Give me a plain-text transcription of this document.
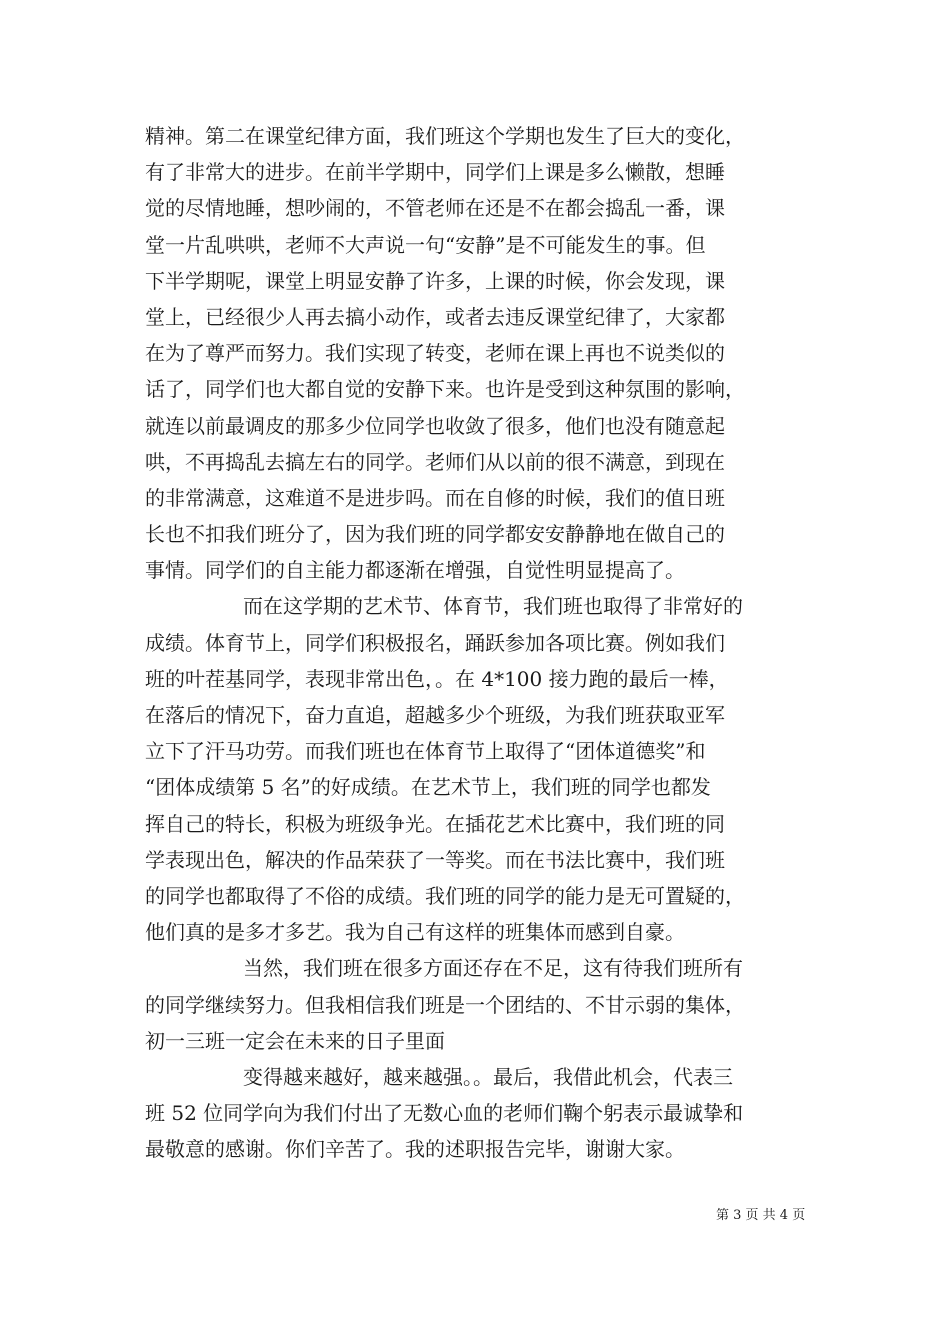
精神。第二在课堂纪律方面，我们班这个学期也发生了巨大的变化，
有了非常大的进步。在前半学期中，同学们上课是多么懒散，想睡
觉的尽情地睡，想吵闹的，不管老师在还是不在都会捣乱一番，课
堂一片乱哄哄，老师不大声说一句“安静”是不可能发生的事。但
下半学期呢，课堂上明显安静了许多，上课的时候，你会发现，课
堂上，已经很少人再去搞小动作，或者去违反课堂纪律了，大家都
在为了尊严而努力。我们实现了转变，老师在课上再也不说类似的
话了，同学们也大都自觉的安静下来。也许是受到这种氛围的影响，
就连以前最调皮的那多少位同学也收敛了很多，他们也没有随意起
哄，不再捣乱去搞左右的同学。老师们从以前的很不满意，到现在
的非常满意，这难道不是进步吗。而在自修的时候，我们的值日班
长也不扣我们班分了，因为我们班的同学都安安静静地在做自己的
事情。同学们的自主能力都逐渐在增强，自觉性明显提高了。
而在这学期的艺术节、体育节，我们班也取得了非常好的
成绩。体育节上，同学们积极报名，踊跃参加各项比赛。例如我们
班的叶茬基同学，表现非常出色，。在 4*100 接力跑的最后一棒，
在落后的情况下，奋力直追，超越多少个班级，为我们班获取亚军
立下了汗马功劳。而我们班也在体育节上取得了“团体道德奖”和
“团体成绩第 5 名”的好成绩。在艺术节上，我们班的同学也都发
挥自己的特长，积极为班级争光。在插花艺术比赛中，我们班的同
学表现出色，解决的作品荣获了一等奖。而在书法比赛中，我们班
的同学也都取得了不俗的成绩。我们班的同学的能力是无可置疑的，
他们真的是多才多艺。我为自己有这样的班集体而感到自豪。
当然，我们班在很多方面还存在不足，这有待我们班所有
的同学继续努力。但我相信我们班是一个团结的、不甘示弱的集体，
初一三班一定会在未来的日子里面
变得越来越好，越来越强。。最后，我借此机会，代表三
班 52 位同学向为我们付出了无数心血的老师们鞠个躬表示最诚挚和
最敬意的感谢。你们辛苦了。我的述职报告完毕，谢谢大家。
第 3 页 共 4 页
